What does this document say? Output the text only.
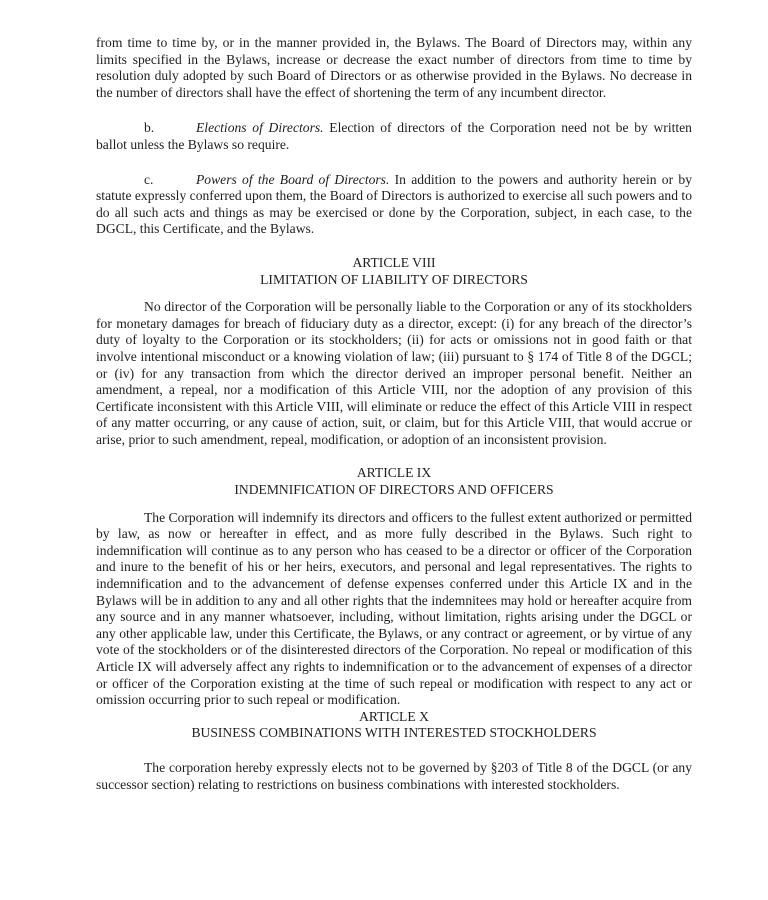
from time to time by, or in the manner provided in, the Bylaws. The Board of Directors may, within any limits specified in the Bylaws, increase or decrease the exact number of directors from time to time by resolution duly adopted by such Board of Directors or as otherwise provided in the Bylaws. No decrease in the number of directors shall have the effect of shortening the term of any incumbent director.

b.	Elections of Directors. Election of directors of the Corporation need not be by written ballot unless the Bylaws so require.

c.	Powers of the Board of Directors. In addition to the powers and authority herein or by statute expressly conferred upon them, the Board of Directors is authorized to exercise all such powers and to do all such acts and things as may be exercised or done by the Corporation, subject, in each case, to the DGCL, this Certificate, and the Bylaws.

ARTICLE VIII

LIMITATION OF LIABILITY OF DIRECTORS

No director of the Corporation will be personally liable to the Corporation or any of its stockholders for monetary damages for breach of fiduciary duty as a director, except: (i) for any breach of the director’s duty of loyalty to the Corporation or its stockholders; (ii) for acts or omissions not in good faith or that involve intentional misconduct or a knowing violation of law; (iii) pursuant to § 174 of Title 8 of the DGCL; or (iv) for any transaction from which the director derived an improper personal benefit. Neither an amendment, a repeal, nor a modification of this Article VIII, nor the adoption of any provision of this Certificate inconsistent with this Article VIII, will eliminate or reduce the effect of this Article VIII in respect of any matter occurring, or any cause of action, suit, or claim, but for this Article VIII, that would accrue or arise, prior to such amendment, repeal, modification, or adoption of an inconsistent provision.

ARTICLE IX

INDEMNIFICATION OF DIRECTORS AND OFFICERS

The Corporation will indemnify its directors and officers to the fullest extent authorized or permitted by law, as now or hereafter in effect, and as more fully described in the Bylaws. Such right to indemnification will continue as to any person who has ceased to be a director or officer of the Corporation and inure to the benefit of his or her heirs, executors, and personal and legal representatives. The rights to indemnification and to the advancement of defense expenses conferred under this Article IX and in the Bylaws will be in addition to any and all other rights that the indemnitees may hold or hereafter acquire from any source and in any manner whatsoever, including, without limitation, rights arising under the DGCL or any other applicable law, under this Certificate, the Bylaws, or any contract or agreement, or by virtue of any vote of the stockholders or of the disinterested directors of the Corporation. No repeal or modification of this Article IX will adversely affect any rights to indemnification or to the advancement of expenses of a director or officer of the Corporation existing at the time of such repeal or modification with respect to any act or omission occurring prior to such repeal or modification.

ARTICLE X

BUSINESS COMBINATIONS WITH INTERESTED STOCKHOLDERS

The corporation hereby expressly elects not to be governed by §203 of Title 8 of the DGCL (or any successor section) relating to restrictions on business combinations with interested stockholders.
